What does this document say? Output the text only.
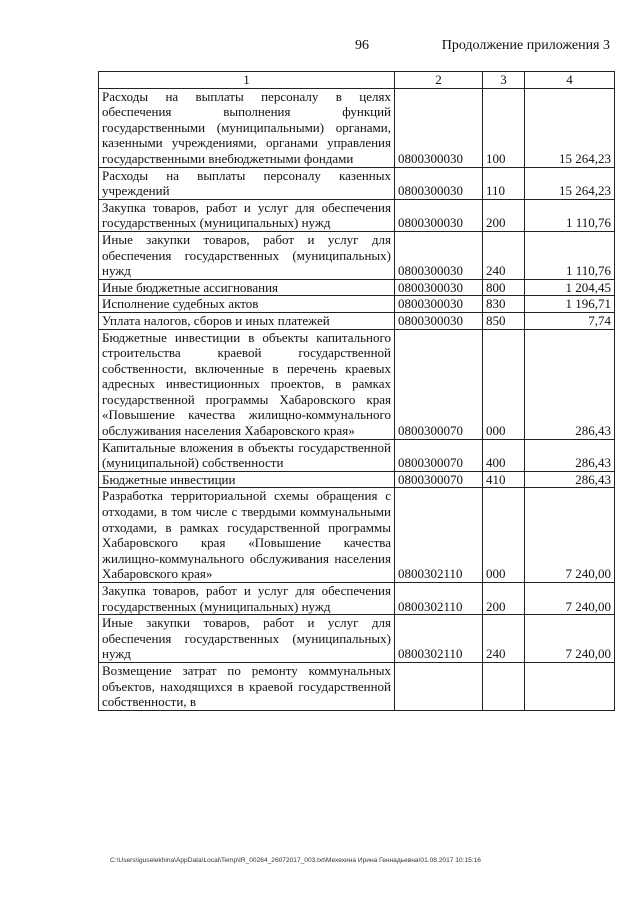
96	Продолжение приложения 3
1	2	3	4
Расходы на выплаты персоналу в целях обеспечения выполнения функций государственными (муниципальными) органами, казенными учреждениями, органами управления государственными внебюджетными фондами	0800300030	100	15 264,23
Расходы на выплаты персоналу казенных учреждений	0800300030	110	15 264,23
Закупка товаров, работ и услуг для обеспечения государственных (муниципальных) нужд	0800300030	200	1 110,76
Иные закупки товаров, работ и услуг для обеспечения государственных (муниципальных) нужд	0800300030	240	1 110,76
Иные бюджетные ассигнования	0800300030	800	1 204,45
Исполнение судебных актов	0800300030	830	1 196,71
Уплата налогов, сборов и иных платежей	0800300030	850	7,74
Бюджетные инвестиции в объекты капитального строительства краевой государственной собственности, включенные в перечень краевых адресных инвестиционных проектов, в рамках государственной программы Хабаровского края «Повышение качества жилищно-коммунального обслуживания населения Хабаровского края»	0800300070	000	286,43
Капитальные вложения в объекты государственной (муниципальной) собственности	0800300070	400	286,43
Бюджетные инвестиции	0800300070	410	286,43
Разработка территориальной схемы обращения с отходами, в том числе с твердыми коммунальными отходами, в рамках государственной программы Хабаровского края «Повышение качества жилищно-коммунального обслуживания населения Хабаровского края»	0800302110	000	7 240,00
Закупка товаров, работ и услуг для обеспечения государственных (муниципальных) нужд	0800302110	200	7 240,00
Иные закупки товаров, работ и услуг для обеспечения государственных (муниципальных) нужд	0800302110	240	7 240,00
Возмещение затрат по ремонту коммунальных объектов, находящихся в краевой государственной собственности, в			
C:\Users\iguselekhina\AppData\Local\Temp\IR_00264_26072017_003.txt\Мехехина Ирина Геннадьевна\01.08.2017 10:15:16
